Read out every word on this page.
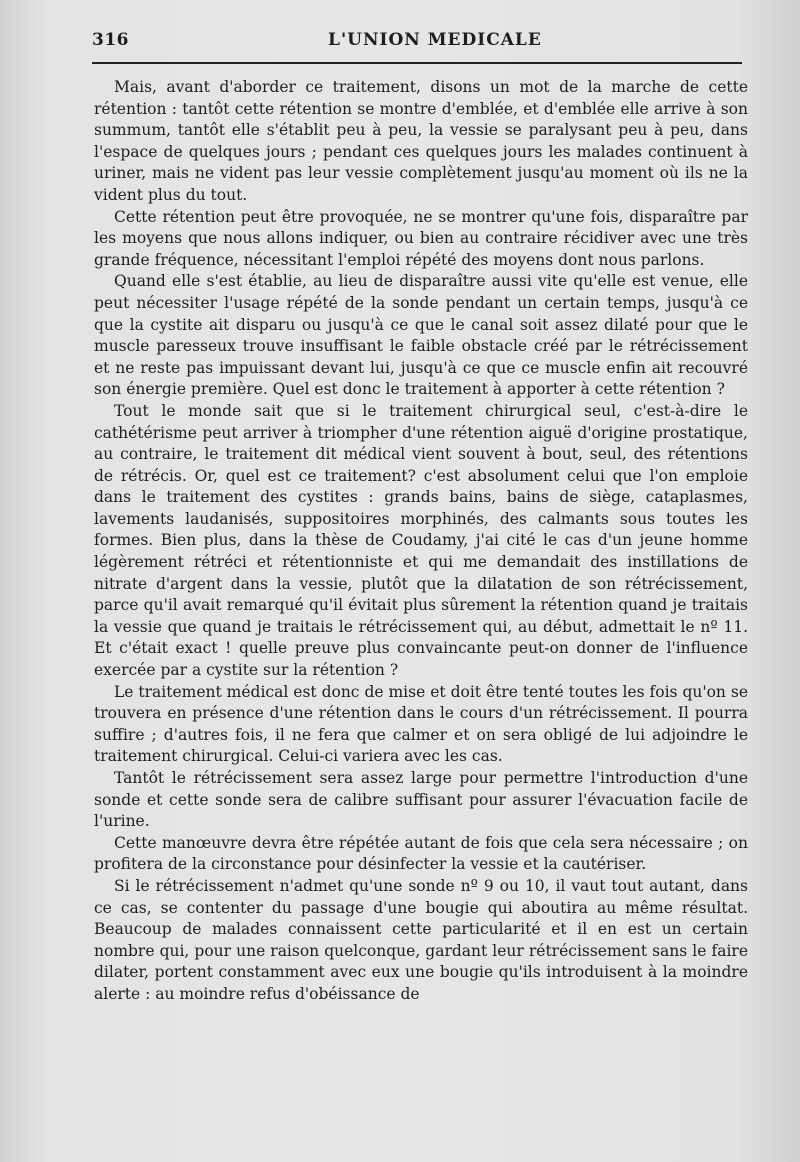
316	L'UNION MEDICALE

Mais, avant d'aborder ce traitement, disons un mot de la marche de cette rétention : tantôt cette rétention se montre d'emblée, et d'emblée elle arrive à son summum, tantôt elle s'établit peu à peu, la vessie se paralysant peu à peu, dans l'espace de quelques jours ; pendant ces quelques jours les malades continuent à uriner, mais ne vident pas leur vessie complètement jusqu'au moment où ils ne la vident plus du tout.

Cette rétention peut être provoquée, ne se montrer qu'une fois, disparaître par les moyens que nous allons indiquer, ou bien au contraire récidiver avec une très grande fréquence, nécessitant l'emploi répété des moyens dont nous parlons.

Quand elle s'est établie, au lieu de disparaître aussi vite qu'elle est venue, elle peut nécessiter l'usage répété de la sonde pendant un certain temps, jusqu'à ce que la cystite ait disparu ou jusqu'à ce que le canal soit assez dilaté pour que le muscle paresseux trouve insuffisant le faible obstacle créé par le rétrécissement et ne reste pas impuissant devant lui, jusqu'à ce que ce muscle enfin ait recouvré son énergie première. Quel est donc le traitement à apporter à cette rétention ?

Tout le monde sait que si le traitement chirurgical seul, c'est-à-dire le cathétérisme peut arriver à triompher d'une rétention aiguë d'origine prostatique, au contraire, le traitement dit médical vient souvent à bout, seul, des rétentions de rétrécis. Or, quel est ce traitement? c'est absolument celui que l'on emploie dans le traitement des cystites : grands bains, bains de siège, cataplasmes, lavements laudanisés, suppositoires morphinés, des calmants sous toutes les formes. Bien plus, dans la thèse de Coudamy, j'ai cité le cas d'un jeune homme légèrement rétréci et rétentionniste et qui me demandait des instillations de nitrate d'argent dans la vessie, plutôt que la dilatation de son rétrécissement, parce qu'il avait remarqué qu'il évitait plus sûrement la rétention quand je traitais la vessie que quand je traitais le rétrécissement qui, au début, admettait le nº 11. Et c'était exact ! quelle preuve plus convaincante peut-on donner de l'influence exercée par a cystite sur la rétention ?

Le traitement médical est donc de mise et doit être tenté toutes les fois qu'on se trouvera en présence d'une rétention dans le cours d'un rétrécissement. Il pourra suffire ; d'autres fois, il ne fera que calmer et on sera obligé de lui adjoindre le traitement chirurgical. Celui-ci variera avec les cas.

Tantôt le rétrécissement sera assez large pour permettre l'introduction d'une sonde et cette sonde sera de calibre suffisant pour assurer l'évacuation facile de l'urine.

Cette manœuvre devra être répétée autant de fois que cela sera nécessaire ; on profitera de la circonstance pour désinfecter la vessie et la cautériser.

Si le rétrécissement n'admet qu'une sonde nº 9 ou 10, il vaut tout autant, dans ce cas, se contenter du passage d'une bougie qui aboutira au même résultat. Beaucoup de malades connaissent cette particularité et il en est un certain nombre qui, pour une raison quelconque, gardant leur rétrécissement sans le faire dilater, portent constamment avec eux une bougie qu'ils introduisent à la moindre alerte : au moindre refus d'obéissance de
